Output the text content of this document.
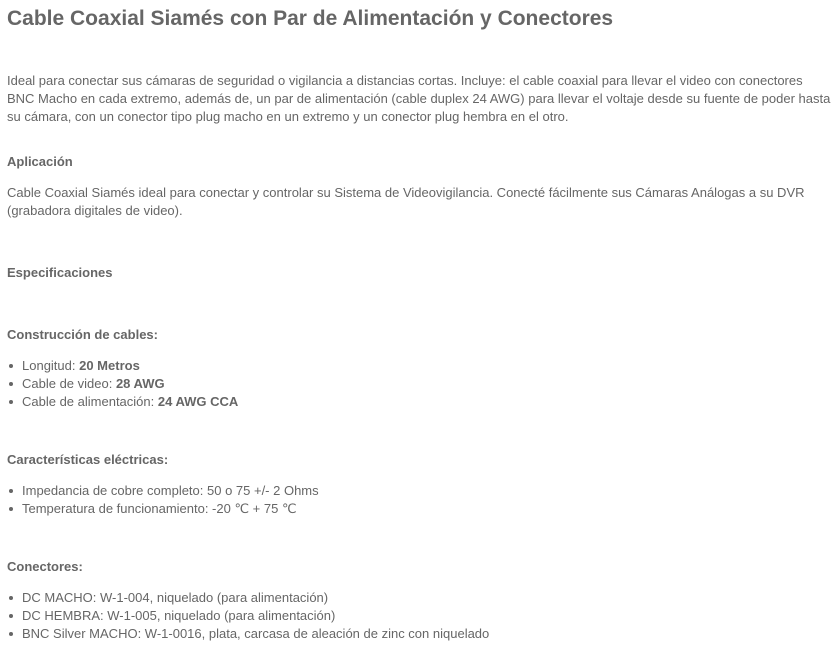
Cable Coaxial Siamés con Par de Alimentación y Conectores

Ideal para conectar sus cámaras de seguridad o vigilancia a distancias cortas. Incluye: el cable coaxial para llevar el video con conectores BNC Macho en cada extremo, además de, un par de alimentación (cable duplex 24 AWG) para llevar el voltaje desde su fuente de poder hasta su cámara, con un conector tipo plug macho en un extremo y un conector plug hembra en el otro.

Aplicación

Cable Coaxial Siamés ideal para conectar y controlar su Sistema de Videovigilancia. Conecté fácilmente sus Cámaras Análogas a su DVR (grabadora digitales de video).

Especificaciones
Construcción de cables:
Longitud: 20 Metros
Cable de video: 28 AWG
Cable de alimentación: 24 AWG CCA
Características eléctricas:
Impedancia de cobre completo: 50 o 75 +/- 2 Ohms
Temperatura de funcionamiento: -20 ℃ + 75 ℃
Conectores:
DC MACHO: W-1-004, niquelado (para alimentación)
DC HEMBRA: W-1-005, niquelado (para alimentación)
BNC Silver MACHO: W-1-0016, plata, carcasa de aleación de zinc con niquelado
